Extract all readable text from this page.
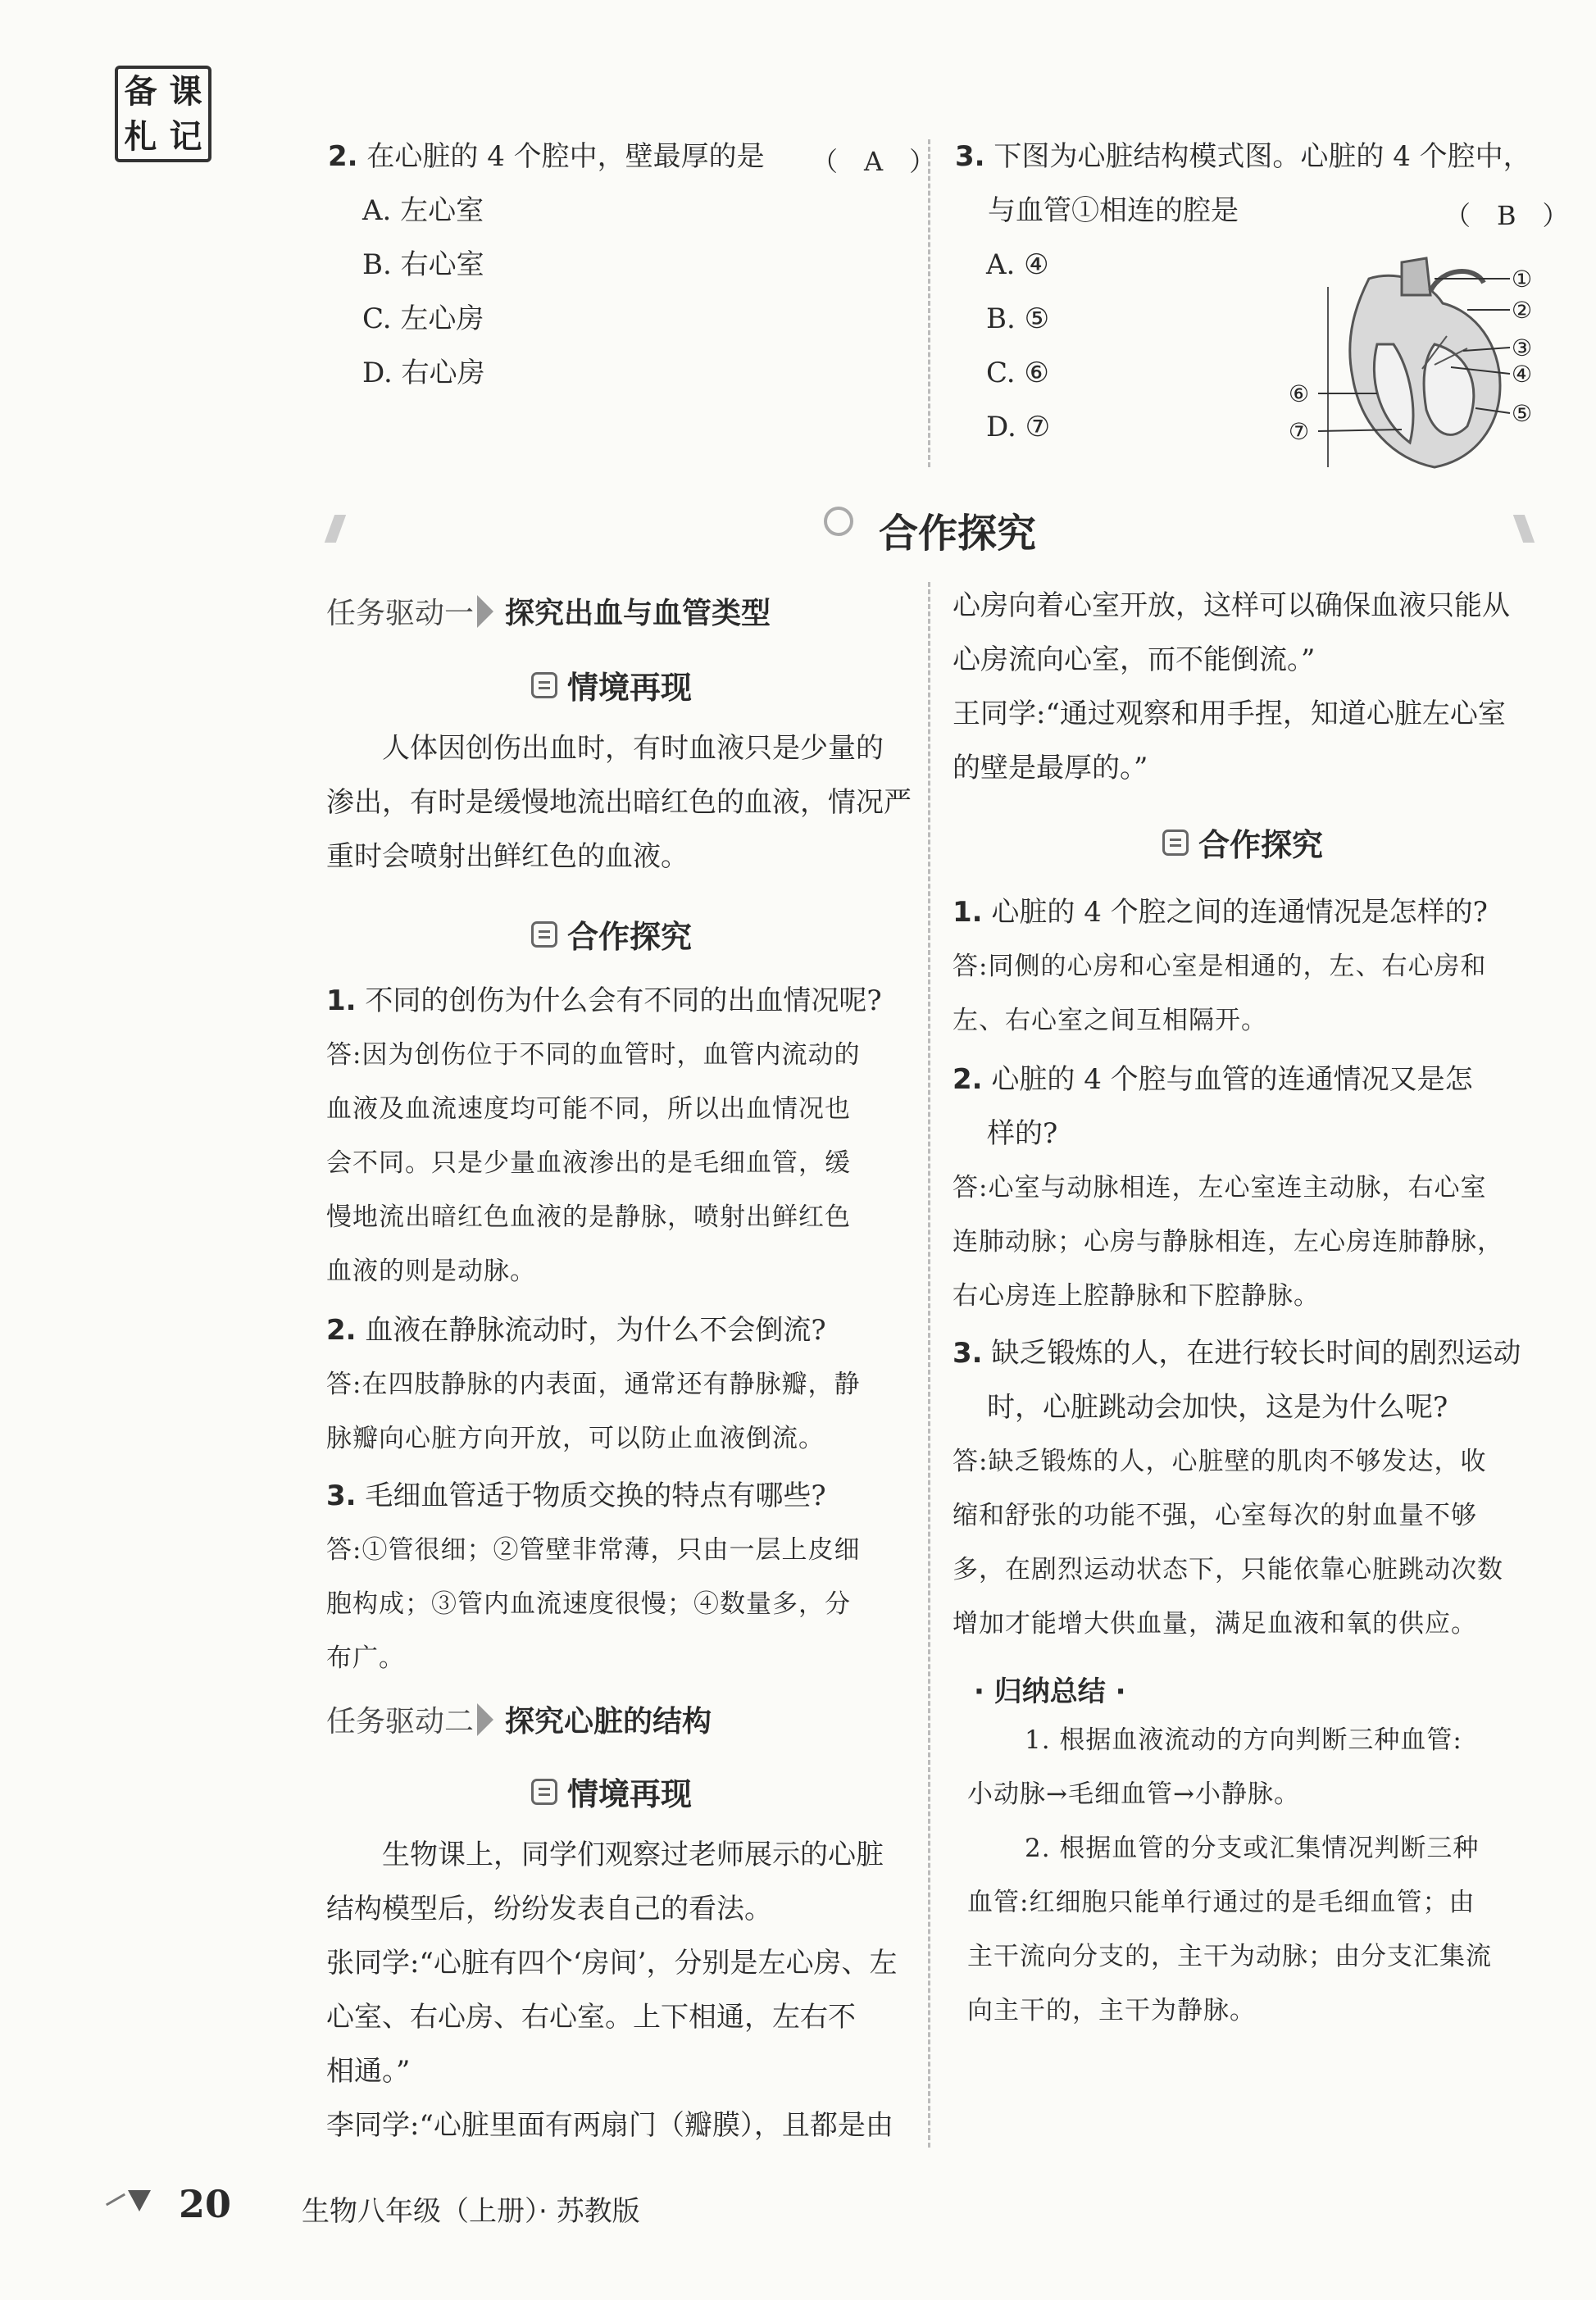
备 课
札 记
2. 在心脏的 4 个腔中，壁最厚的是 （　A　）
A. 左心室
B. 右心室
C. 左心房
D. 右心房
3. 下图为心脏结构模式图。心脏的 4 个腔中，
与血管①相连的腔是	（　B　）
A. ④
B. ⑤
C. ⑥
D. ⑦
①
②
③
④
⑤
⑥
⑦
合作探究
任务驱动一 探究出血与血管类型
情境再现
人体因创伤出血时，有时血液只是少量的
渗出，有时是缓慢地流出暗红色的血液，情况严
重时会喷射出鲜红色的血液。
合作探究
1. 不同的创伤为什么会有不同的出血情况呢?
答:因为创伤位于不同的血管时，血管内流动的
血液及血流速度均可能不同，所以出血情况也
会不同。只是少量血液渗出的是毛细血管，缓
慢地流出暗红色血液的是静脉，喷射出鲜红色
血液的则是动脉。
2. 血液在静脉流动时，为什么不会倒流?
答:在四肢静脉的内表面，通常还有静脉瓣，静
脉瓣向心脏方向开放，可以防止血液倒流。
3. 毛细血管适于物质交换的特点有哪些?
答:①管很细；②管壁非常薄，只由一层上皮细
胞构成；③管内血流速度很慢；④数量多，分
布广。
任务驱动二 探究心脏的结构
情境再现
生物课上，同学们观察过老师展示的心脏
结构模型后，纷纷发表自己的看法。
张同学:“心脏有四个‘房间’，分别是左心房、左
心室、右心房、右心室。上下相通，左右不
相通。”
李同学:“心脏里面有两扇门（瓣膜），且都是由
心房向着心室开放，这样可以确保血液只能从
心房流向心室，而不能倒流。”
王同学:“通过观察和用手捏，知道心脏左心室
的壁是最厚的。”
合作探究
1. 心脏的 4 个腔之间的连通情况是怎样的?
答:同侧的心房和心室是相通的，左、右心房和
左、右心室之间互相隔开。
2. 心脏的 4 个腔与血管的连通情况又是怎
样的?
答:心室与动脉相连，左心室连主动脉，右心室
连肺动脉；心房与静脉相连，左心房连肺静脉，
右心房连上腔静脉和下腔静脉。
3. 缺乏锻炼的人，在进行较长时间的剧烈运动
时，心脏跳动会加快，这是为什么呢?
答:缺乏锻炼的人，心脏壁的肌肉不够发达，收
缩和舒张的功能不强，心室每次的射血量不够
多，在剧烈运动状态下，只能依靠心脏跳动次数
增加才能增大供血量，满足血液和氧的供应。
· 归纳总结 ·
1. 根据血液流动的方向判断三种血管:
小动脉→毛细血管→小静脉。
2. 根据血管的分支或汇集情况判断三种
血管:红细胞只能单行通过的是毛细血管；由
主干流向分支的，主干为动脉；由分支汇集流
向主干的，主干为静脉。
20	生物八年级（上册）· 苏教版
